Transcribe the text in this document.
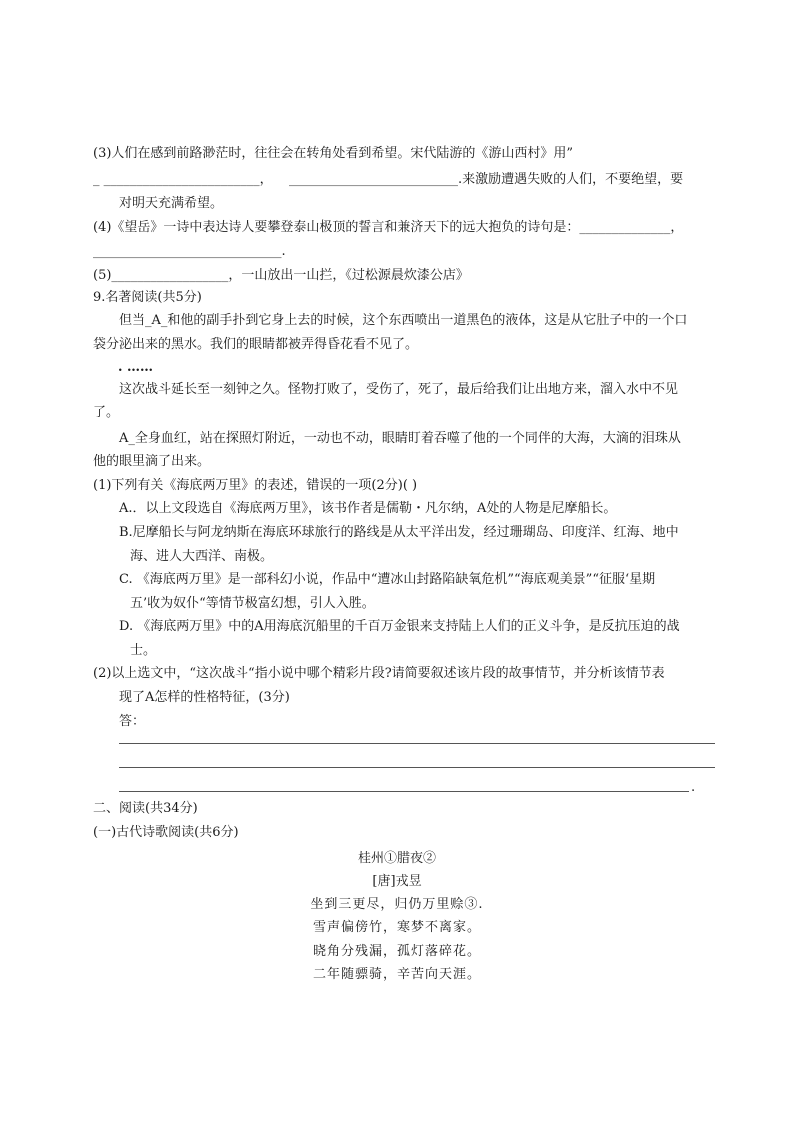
(3)人们在感到前路渺茫时，往往会在转角处看到希望。宋代陆游的《游山西村》用”
_ ________________________， __________________________.来激励遭遇失败的人们，不要绝望，要
对明天充满希望。
(4)《望岳》一诗中表达诗人要攀登泰山极顶的誓言和兼济天下的远大抱负的诗句是：______________，
_____________________________.
(5)__________________，一山放出一山拦，《过松源晨炊漆公店》
9.名著阅读(共5分)
但当_A_和他的副手扑到它身上去的时候，这个东西喷出一道黑色的液体，这是从它肚子中的一个口
袋分泌出来的黑水。我们的眼睛都被弄得昏花看不见了。
. ……
这次战斗延长至一刻钟之久。怪物打败了，受伤了，死了，最后给我们让出地方来，溜入水中不见
了。
A_全身血红，站在探照灯附近，一动也不动，眼睛盯着吞噬了他的一个同伴的大海，大滴的泪珠从
他的眼里滴了出来。
(1)下列有关《海底两万里》的表述，错误的一项(2分)( )
A.．以上文段选自《海底两万里》，该书作者是儒勒・凡尔纳，A处的人物是尼摩船长。
B.尼摩船长与阿龙纳斯在海底环球旅行的路线是从太平洋出发，经过珊瑚岛、印度洋、红海、地中
海、进人大西洋、南极。
C. 《海底两万里》是一部科幻小说，作品中“遭冰山封路陷缺氧危机”“海底观美景”“征服‘星期
五’收为奴仆“等情节极富幻想，引人入胜。
D. 《海底两万里》中的A用海底沉船里的千百万金银来支持陆上人们的正义斗争，是反抗压迫的战
士。
(2)以上选文中，“这次战斗“指小说中哪个精彩片段?请简要叙述该片段的故事情节，并分析该情节表
现了A怎样的性格特征，(3分)
答：
.
二、阅读(共34分)
(一)古代诗歌阅读(共6分)
桂州①腊夜②
[唐]戎昱
坐到三更尽，归仍万里赊③.
雪声偏傍竹，寒梦不离家。
晓角分残漏，孤灯落碎花。
二年随骠骑，辛苦向天涯。
